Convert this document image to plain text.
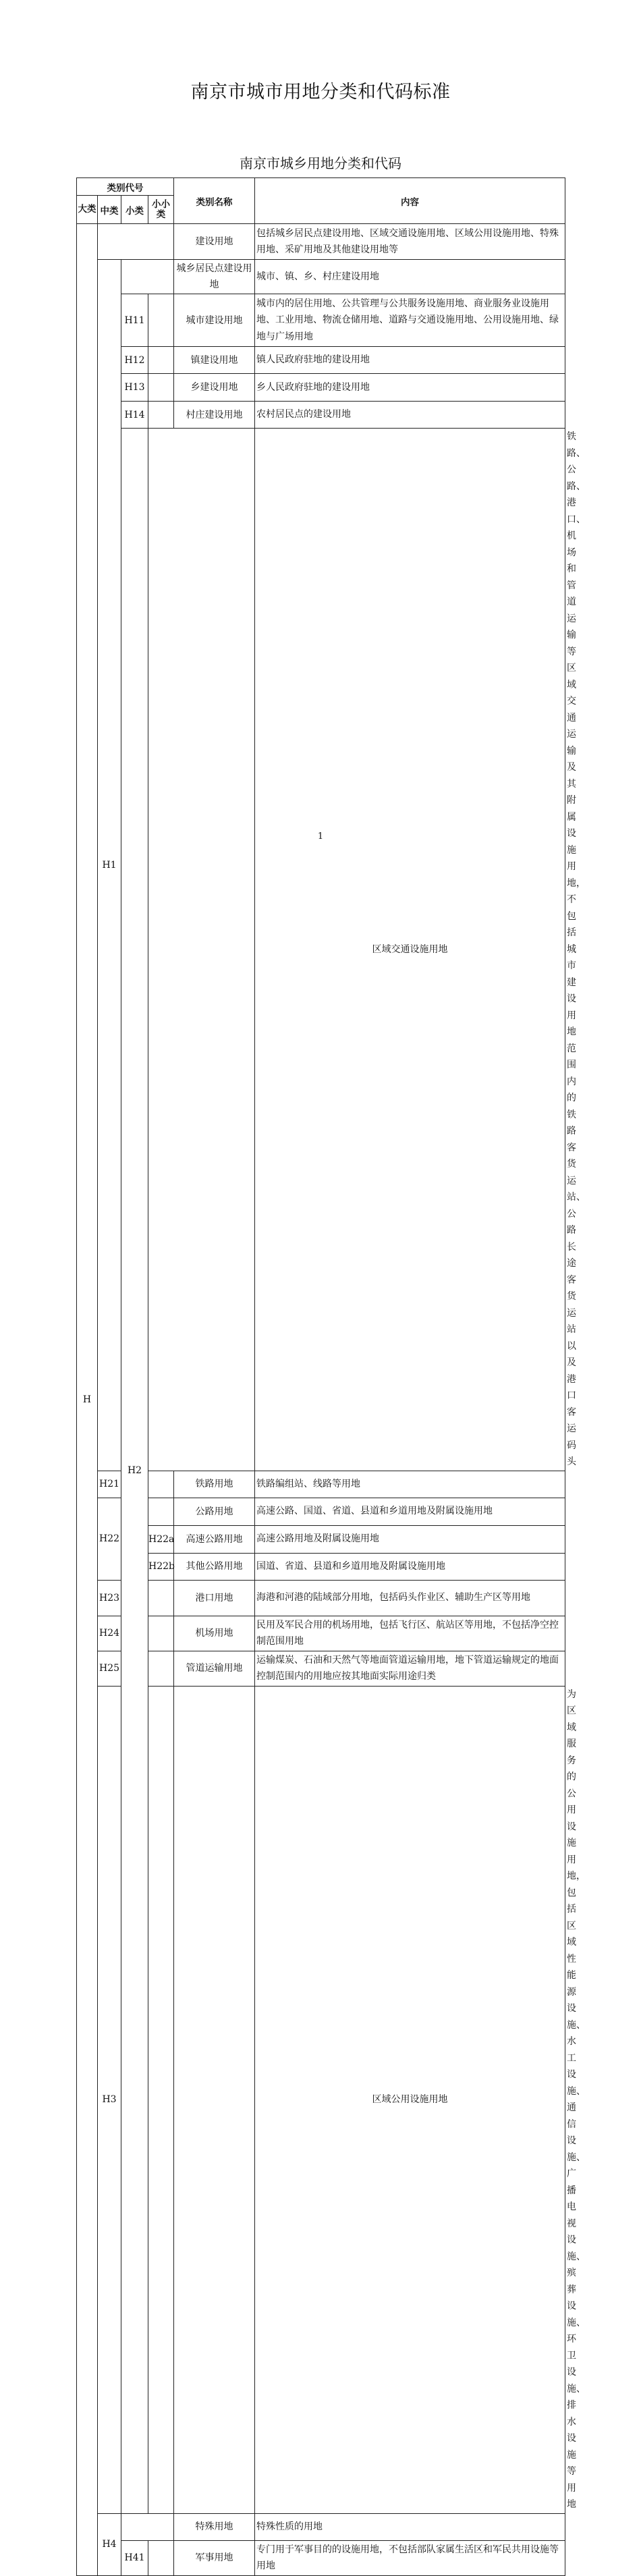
南京市城市用地分类和代码标准
南京市城乡用地分类和代码
类别代号				类别名称	内容	
大类	中类	小类	小小类			
H				建设用地	包括城乡居民点建设用地、区域交通设施用地、区域公用设施用地、特殊用地、采矿用地及其他建设用地等	
	H1			城乡居民点建设用地	城市、镇、乡、村庄建设用地	
		H11		城市建设用地	城市内的居住用地、公共管理与公共服务设施用地、商业服务业设施用地、工业用地、物流仓储用地、道路与交通设施用地、公用设施用地、绿地与广场用地	
		H12		镇建设用地	镇人民政府驻地的建设用地	
		H13		乡建设用地	乡人民政府驻地的建设用地	
		H14		村庄建设用地	农村居民点的建设用地	
		H2			区域交通设施用地	铁路、公路、港口、机场和管道运输等区域交通运输及其附属设施用地，不包括城市建设用地范围内的铁路客货运站、公路长途客货运站以及港口客运码头
	H21			铁路用地	铁路编组站、线路等用地	
	H22			公路用地	高速公路、国道、省道、县道和乡道用地及附属设施用地	
			H22a	高速公路用地	高速公路用地及附属设施用地	
			H22b	其他公路用地	国道、省道、县道和乡道用地及附属设施用地	
	H23			港口用地	海港和河港的陆域部分用地，包括码头作业区、辅助生产区等用地	
	H24			机场用地	民用及军民合用的机场用地，包括飞行区、航站区等用地，不包括净空控制范围用地	
	H25			管道运输用地	运输煤炭、石油和天然气等地面管道运输用地，地下管道运输规定的地面控制范围内的用地应按其地面实际用途归类	
	H3				区域公用设施用地	为区域服务的公用设施用地，包括区域性能源设施、水工设施、通信设施、广播电视设施、殡葬设施、环卫设施、排水设施等用地
	H4			特殊用地	特殊性质的用地	
		H41		军事用地	专门用于军事目的的设施用地，不包括部队家属生活区和军民共用设施等用地	
1
